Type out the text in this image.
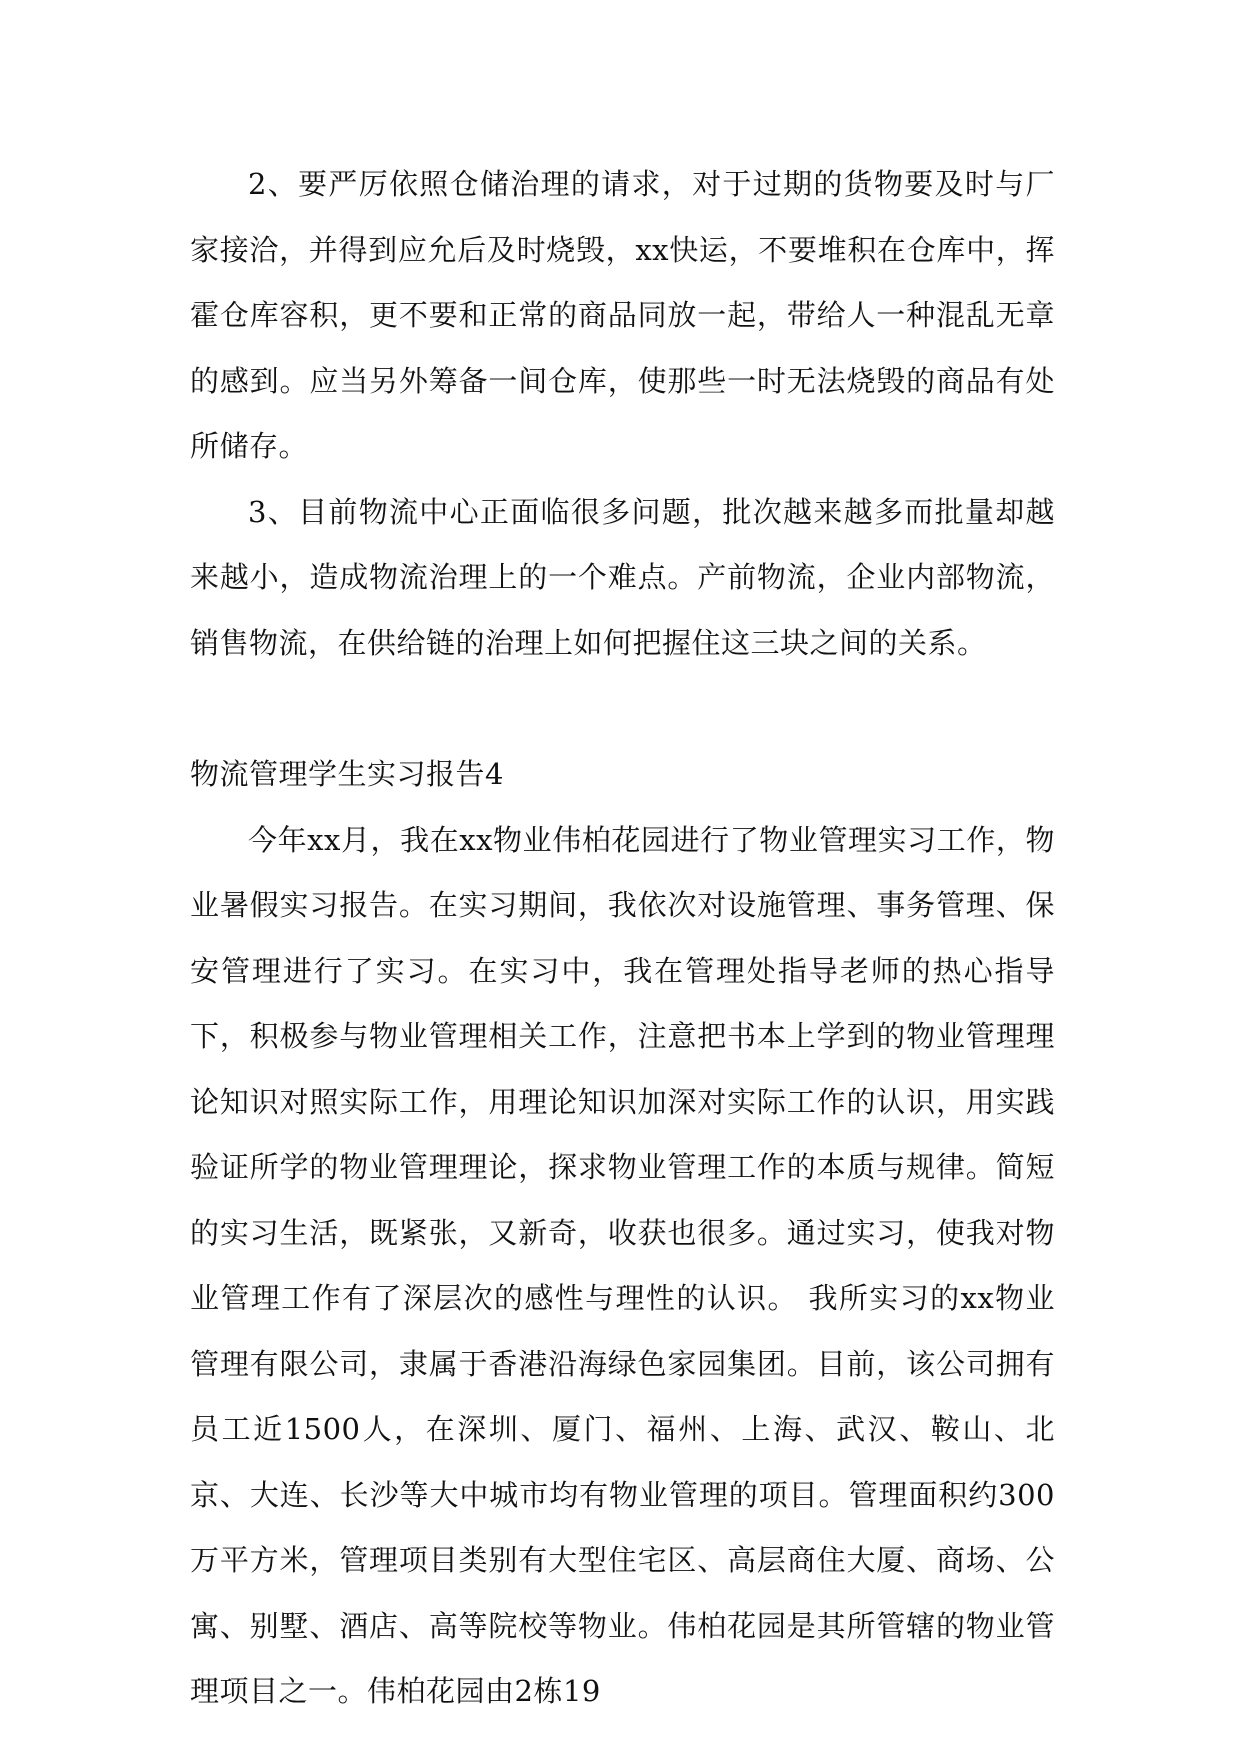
2、要严厉依照仓储治理的请求，对于过期的货物要及时与厂家接洽，并得到应允后及时烧毁，xx快运，不要堆积在仓库中，挥霍仓库容积，更不要和正常的商品同放一起，带给人一种混乱无章的感到。应当另外筹备一间仓库，使那些一时无法烧毁的商品有处所储存。

3、目前物流中心正面临很多问题，批次越来越多而批量却越来越小，造成物流治理上的一个难点。产前物流，企业内部物流，销售物流，在供给链的治理上如何把握住这三块之间的关系。

物流管理学生实习报告4

今年xx月，我在xx物业伟柏花园进行了物业管理实习工作，物业暑假实习报告。在实习期间，我依次对设施管理、事务管理、保安管理进行了实习。在实习中，我在管理处指导老师的热心指导下，积极参与物业管理相关工作，注意把书本上学到的物业管理理论知识对照实际工作，用理论知识加深对实际工作的认识，用实践验证所学的物业管理理论，探求物业管理工作的本质与规律。简短的实习生活，既紧张，又新奇，收获也很多。通过实习，使我对物业管理工作有了深层次的感性与理性的认识。 我所实习的xx物业管理有限公司，隶属于香港沿海绿色家园集团。目前，该公司拥有员工近1500人，在深圳、厦门、福州、上海、武汉、鞍山、北京、大连、长沙等大中城市均有物业管理的项目。管理面积约300万平方米，管理项目类别有大型住宅区、高层商住大厦、商场、公寓、别墅、酒店、高等院校等物业。伟柏花园是其所管辖的物业管理项目之一。伟柏花园由2栋19
